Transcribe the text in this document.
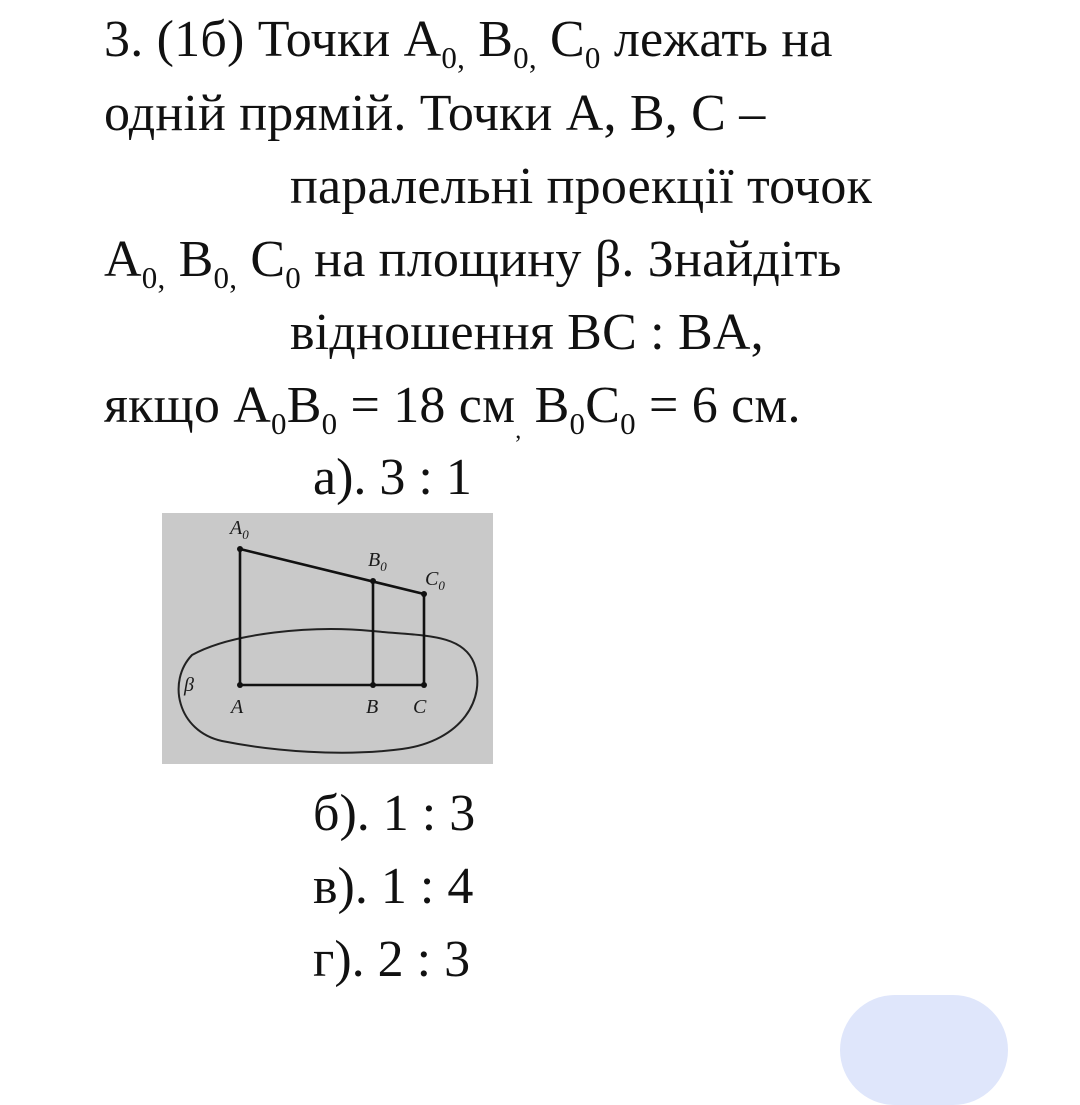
3. (1б) Точки $A_{0,}$ $B_{0,}$ $C_0$ лежать на
одній прямій. Точки A, B, C –
паралельні проекції точок
$A_{0,}$ $B_{0,}$ $C_0$ на площину β. Знайдіть
відношення BC : BA,
якщо $A_0B_0 = 18$ $см_,$ $B_0C_0 = 6$ см.
а). 3 : 1
$A_0$
$B_0$
$C_0$
A	B C
β
б). 1 : 3
в). 1 : 4
г). 2 : 3
